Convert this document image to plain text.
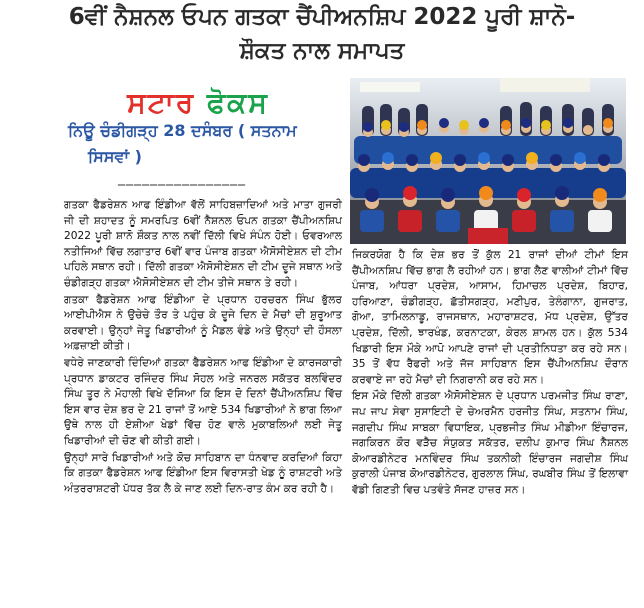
6ਵੀਂ ਨੈਸ਼ਨਲ ਓਪਨ ਗਤਕਾ ਚੈਂਪੀਅਨਸ਼ਿਪ 2022 ਪੂਰੀ ਸ਼ਾਨੋ-
ਸ਼ੌਕਤ ਨਾਲ ਸਮਾਪਤ
ਸਟਾਰ ਫੋਕਸ
ਨਿਊ ਚੰਡੀਗੜ੍ਹ 28 ਦਸੰਬਰ ( ਸਤਨਾਮ
ਸਿਸਵਾਂ )
________________

ਗਤਕਾ ਫੈਡਰੇਸ਼ਨ ਆਫ ਇੰਡੀਆ ਵੱਲੋਂ ਸਾਹਿਬਜ਼ਾਦਿਆਂ ਅਤੇ ਮਾਤਾ ਗੁਜਰੀ ਜੀ ਦੀ ਸ਼ਹਾਦਤ ਨੂੰ ਸਮਰਪਿਤ 6ਵੀਂ ਨੈਸ਼ਨਲ ਓਪਨ ਗਤਕਾ ਚੈਂਪੀਅਨਸ਼ਿਪ 2022 ਪੂਰੀ ਸ਼ਾਨੋ ਸ਼ੌਕਤ ਨਾਲ ਨਵੀਂ ਦਿੱਲੀ ਵਿਖੇ ਸੰਪੰਨ ਹੋਈ। ਓਵਰਆਲ ਨਤੀਜਿਆਂ ਵਿੱਚ ਲਗਾਤਾਰ 6ਵੀਂ ਵਾਰ ਪੰਜਾਬ ਗਤਕਾ ਐਸੋਸੀਏਸ਼ਨ ਦੀ ਟੀਮ ਪਹਿਲੇ ਸਥਾਨ ਰਹੀ। ਦਿੱਲੀ ਗਤਕਾ ਐਸੋਸੀਏਸ਼ਨ ਦੀ ਟੀਮ ਦੂਜੇ ਸਥਾਨ ਅਤੇ ਚੰਡੀਗੜ੍ਹ ਗਤਕਾ ਐਸੋਸੀਏਸ਼ਨ ਦੀ ਟੀਮ ਤੀਜੇ ਸਥਾਨ ਤੇ ਰਹੀ।

ਗਤਕਾ ਫੈਡਰੇਸ਼ਨ ਆਫ ਇੰਡੀਆ ਦੇ ਪ੍ਰਧਾਨ ਹਰਚਰਨ ਸਿੰਘ ਭੁੱਲਰ ਆਈਪੀਐਸ ਨੇ ਉਚੇਚੇ ਤੌਰ ਤੇ ਪਹੁੰਚ ਕੇ ਦੂਜੇ ਦਿਨ ਦੇ ਮੈਚਾਂ ਦੀ ਸ਼ੁਰੂਆਤ ਕਰਵਾਈ। ਉਨ੍ਹਾਂ ਜੇਤੂ ਖਿਡਾਰੀਆਂ ਨੂੰ ਮੈਡਲ ਵੰਡੇ ਅਤੇ ਉਨ੍ਹਾਂ ਦੀ ਹੌਸਲਾ ਅਫ਼ਜ਼ਾਈ ਕੀਤੀ।

ਵਧੇਰੇ ਜਾਣਕਾਰੀ ਦਿੰਦਿਆਂ ਗਤਕਾ ਫੈਡਰੇਸ਼ਨ ਆਫ ਇੰਡੀਆ ਦੇ ਕਾਰਜਕਾਰੀ ਪ੍ਰਧਾਨ ਡਾਕਟਰ ਰਜਿੰਦਰ ਸਿੰਘ ਸੋਹਲ ਅਤੇ ਜਨਰਲ ਸਕੱਤਰ ਬਲਵਿੰਦਰ ਸਿੰਘ ਤੂਰ ਨੇ ਮੋਹਾਲੀ ਵਿਖੇ ਦੱਸਿਆ ਕਿ ਇਸ ਦੋ ਦਿਨਾਂ ਚੈਂਪੀਅਨਸ਼ਿਪ ਵਿੱਚ ਇਸ ਵਾਰ ਦੇਸ਼ ਭਰ ਦੇ 21 ਰਾਜਾਂ ਤੋਂ ਆਏ 534 ਖਿਡਾਰੀਆਂ ਨੇ ਭਾਗ ਲਿਆ ਉਥੇ ਨਾਲ ਹੀ ਏਸ਼ੀਆ ਖੇਡਾਂ ਵਿੱਚ ਹੋਣ ਵਾਲੇ ਮੁਕਾਬਲਿਆਂ ਲਈ ਜੇਤੂ ਖਿਡਾਰੀਆਂ ਦੀ ਚੋਣ ਵੀ ਕੀਤੀ ਗਈ।

ਉਨ੍ਹਾਂ ਸਾਰੇ ਖਿਡਾਰੀਆਂ ਅਤੇ ਕੋਚ ਸਾਹਿਬਾਨ ਦਾ ਧੰਨਵਾਦ ਕਰਦਿਆਂ ਕਿਹਾ ਕਿ ਗਤਕਾ ਫੈਡਰੇਸ਼ਨ ਆਫ ਇੰਡੀਆ ਇਸ ਵਿਰਾਸਤੀ ਖੇਡ ਨੂੰ ਰਾਸ਼ਟਰੀ ਅਤੇ ਅੰਤਰਰਾਸ਼ਟਰੀ ਪੱਧਰ ਤੱਕ ਲੈ ਕੇ ਜਾਣ ਲਈ ਦਿਨ-ਰਾਤ ਕੰਮ ਕਰ ਰਹੀ ਹੈ।

ਜਿਕਰਯੋਗ ਹੈ ਕਿ ਦੇਸ਼ ਭਰ ਤੋਂ ਕੁੱਲ 21 ਰਾਜਾਂ ਦੀਆਂ ਟੀਮਾਂ ਇਸ ਚੈਂਪੀਅਨਸ਼ਿਪ ਵਿੱਚ ਭਾਗ ਲੈ ਰਹੀਆਂ ਹਨ। ਭਾਗ ਲੈਣ ਵਾਲੀਆਂ ਟੀਮਾਂ ਵਿੱਚ ਪੰਜਾਬ, ਆਂਧਰਾ ਪ੍ਰਦੇਸ਼, ਆਸਾਮ, ਹਿਮਾਚਲ ਪ੍ਰਦੇਸ਼, ਬਿਹਾਰ, ਹਰਿਆਣਾ, ਚੰਡੀਗੜ੍ਹ, ਛੱਤੀਸਗੜ੍ਹ, ਮਣੀਪੁਰ, ਤੇਲੰਗਾਨਾ, ਗੁਜਰਾਤ, ਗੋਆ, ਤਾਮਿਲਨਾਡੂ, ਰਾਜਸਥਾਨ, ਮਹਾਰਾਸ਼ਟਰ, ਮੱਧ ਪ੍ਰਦੇਸ਼, ਉੱਤਰ ਪ੍ਰਦੇਸ਼, ਦਿੱਲੀ, ਝਾਰਖੰਡ, ਕਰਨਾਟਕਾ, ਕੇਰਲ ਸ਼ਾਮਲ ਹਨ। ਕੁੱਲ 534 ਖਿਡਾਰੀ ਇਸ ਮੌਕੇ ਆਪੋ ਆਪਣੇ ਰਾਜਾਂ ਦੀ ਪ੍ਰਤੀਨਿਧਤਾ ਕਰ ਰਹੇ ਸਨ। 35 ਤੋਂ ਵੱਧ ਰੈਫਰੀ ਅਤੇ ਜੱਜ ਸਾਹਿਬਾਨ ਇਸ ਚੈਂਪੀਅਨਸ਼ਿਪ ਦੌਰਾਨ ਕਰਵਾਏ ਜਾ ਰਹੇ ਮੈਚਾਂ ਦੀ ਨਿਗਰਾਨੀ ਕਰ ਰਹੇ ਸਨ।

ਇਸ ਮੌਕੇ ਦਿੱਲੀ ਗਤਕਾ ਐਸੋਸੀਏਸ਼ਨ ਦੇ ਪ੍ਰਧਾਨ ਪਰਮਜੀਤ ਸਿੰਘ ਰਾਣਾ, ਜਪ ਜਾਪ ਸੇਵਾ ਸੁਸਾਇਟੀ ਦੇ ਚੇਅਰਮੈਨ ਹਰਜੀਤ ਸਿੰਘ, ਸਤਨਾਮ ਸਿੰਘ, ਜਗਦੀਪ ਸਿੰਘ ਸਾਬਕਾ ਵਿਧਾਇਕ, ਪ੍ਰਭਜੀਤ ਸਿੰਘ ਮੀਡੀਆ ਇੰਚਾਰਜ, ਜਗਕਿਰਨ ਕੌਰ ਵੜੈਚ ਸੰਯੁਕਤ ਸਕੱਤਰ, ਦਲੀਪ ਕੁਮਾਰ ਸਿੰਘ ਨੈਸ਼ਨਲ ਕੋਆਰਡੀਨੇਟਰ ਮਨਵਿੰਦਰ ਸਿੰਘ ਤਕਨੀਕੀ ਇੰਚਾਰਜ ਜਗਦੀਸ਼ ਸਿੰਘ ਕੁਰਾਲੀ ਪੰਜਾਬ ਕੋਆਰਡੀਨੇਟਰ, ਗੁਰਲਾਲ ਸਿੰਘ, ਰਘਬੀਰ ਸਿੰਘ ਤੋਂ ਇਲਾਵਾ ਵੱਡੀ ਗਿਣਤੀ ਵਿਚ ਪਤਵੰਤੇ ਸੱਜਣ ਹਾਜ਼ਰ ਸਨ।
